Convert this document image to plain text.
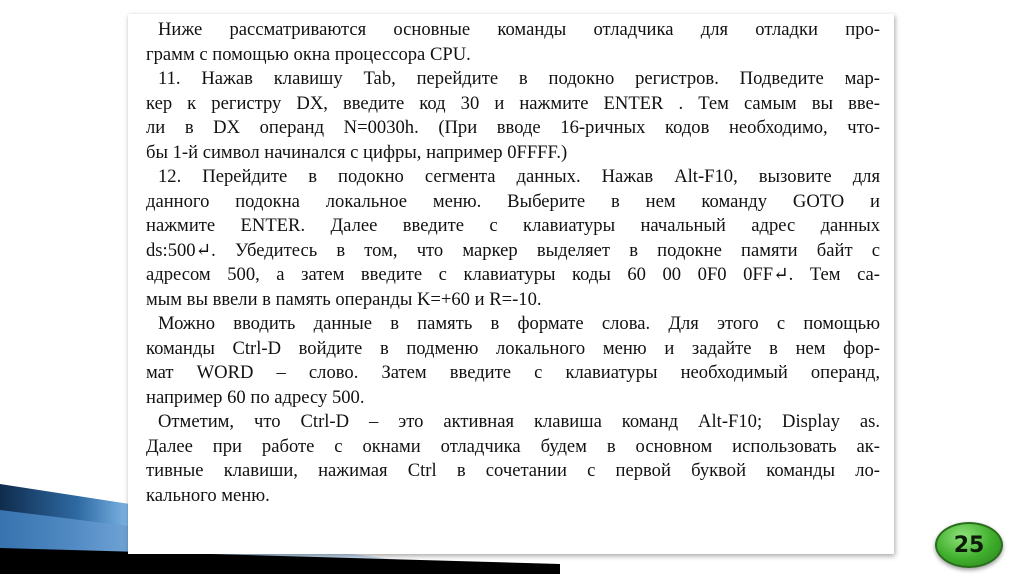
Ниже рассматриваются основные команды отладчика для отладки про-

грамм с помощью окна процессора CPU.

11. Нажав клавишу Tab, перейдите в подокно регистров. Подведите мар-

кер к регистру DX, введите код 30 и нажмите ENTER . Тем самым вы вве-

ли в DX операнд N=0030h. (При вводе 16-ричных кодов необходимо, что-

бы 1-й символ начинался с цифры, например 0FFFF.)

12. Перейдите в подокно сегмента данных. Нажав Alt-F10, вызовите для

данного подокна локальное меню. Выберите в нем команду GOTO и

нажмите ENTER. Далее введите с клавиатуры начальный адрес данных

ds:500↵. Убедитесь в том, что маркер выделяет в подокне памяти байт с

адресом 500, а затем введите с клавиатуры коды 60 00 0F0 0FF↵. Тем са-

мым вы ввели в память операнды K=+60 и R=-10.

Можно вводить данные в память в формате слова. Для этого с помощью

команды Ctrl-D войдите в подменю локального меню и задайте в нем фор-

мат WORD – слово. Затем введите с клавиатуры необходимый операнд,

например 60 по адресу 500.

Отметим, что Ctrl-D – это активная клавиша команд Alt-F10; Display as.

Далее при работе с окнами отладчика будем в основном использовать ак-

тивные клавиши, нажимая Ctrl в сочетании с первой буквой команды ло-

кального меню.

25
